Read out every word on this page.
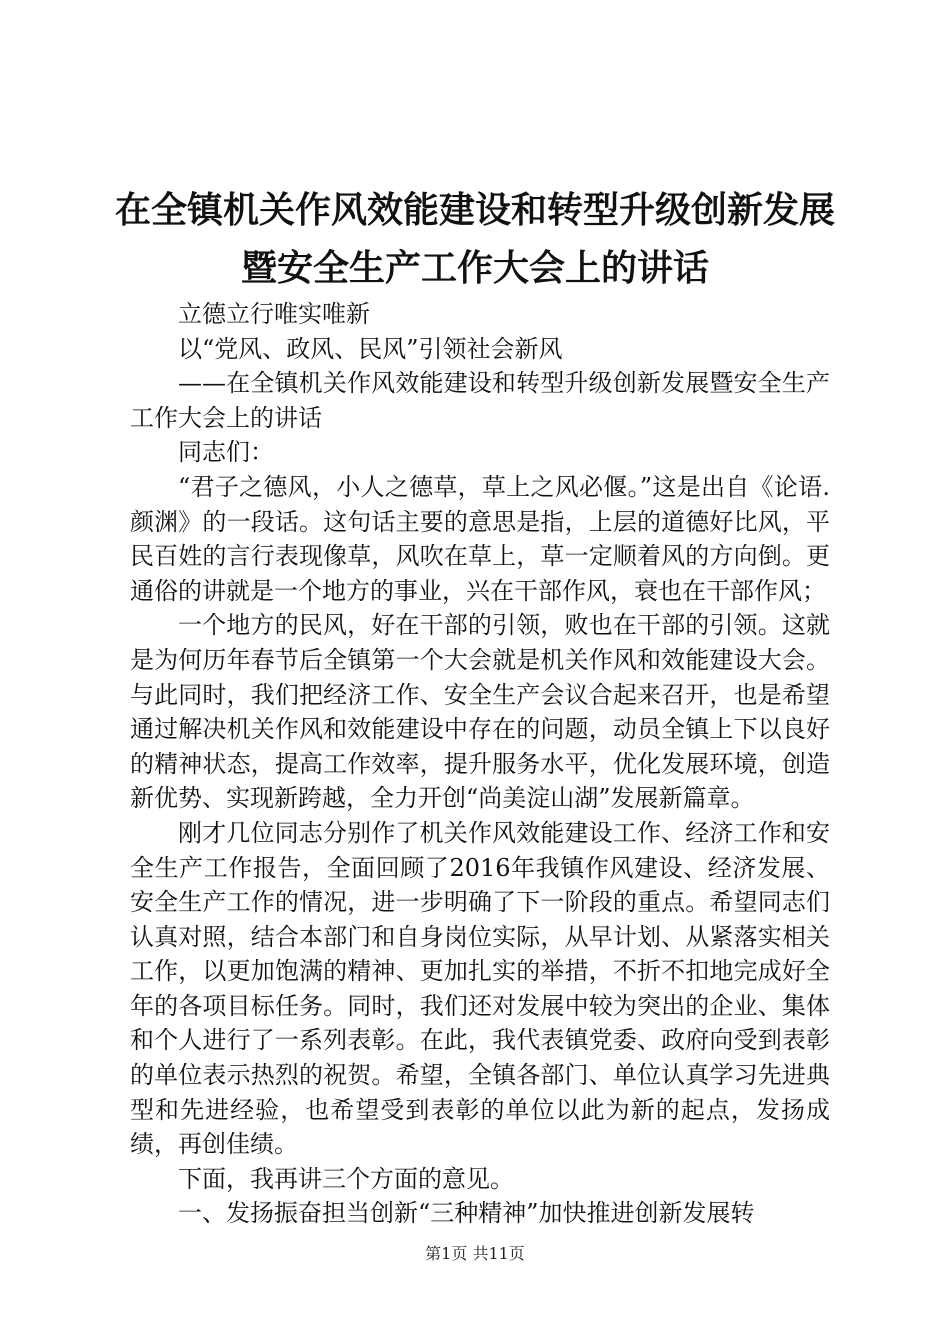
在全镇机关作风效能建设和转型升级创新发展
暨安全生产工作大会上的讲话

立德立行唯实唯新

以“党风、政风、民风”引领社会新风

——在全镇机关作风效能建设和转型升级创新发展暨安全生产工作大会上的讲话

同志们：

“君子之德风，小人之德草，草上之风必偃。”这是出自《论语.颜渊》的一段话。这句话主要的意思是指，上层的道德好比风，平民百姓的言行表现像草，风吹在草上，草一定顺着风的方向倒。更通俗的讲就是一个地方的事业，兴在干部作风，衰也在干部作风；

一个地方的民风，好在干部的引领，败也在干部的引领。这就是为何历年春节后全镇第一个大会就是机关作风和效能建设大会。与此同时，我们把经济工作、安全生产会议合起来召开，也是希望通过解决机关作风和效能建设中存在的问题，动员全镇上下以良好的精神状态，提高工作效率，提升服务水平，优化发展环境，创造新优势、实现新跨越，全力开创“尚美淀山湖”发展新篇章。

刚才几位同志分别作了机关作风效能建设工作、经济工作和安全生产工作报告，全面回顾了2016年我镇作风建设、经济发展、安全生产工作的情况，进一步明确了下一阶段的重点。希望同志们认真对照，结合本部门和自身岗位实际，从早计划、从紧落实相关工作，以更加饱满的精神、更加扎实的举措，不折不扣地完成好全年的各项目标任务。同时，我们还对发展中较为突出的企业、集体和个人进行了一系列表彰。在此，我代表镇党委、政府向受到表彰的单位表示热烈的祝贺。希望，全镇各部门、单位认真学习先进典型和先进经验，也希望受到表彰的单位以此为新的起点，发扬成绩，再创佳绩。

下面，我再讲三个方面的意见。

一、发扬振奋担当创新“三种精神”加快推进创新发展转

第1页 共11页
